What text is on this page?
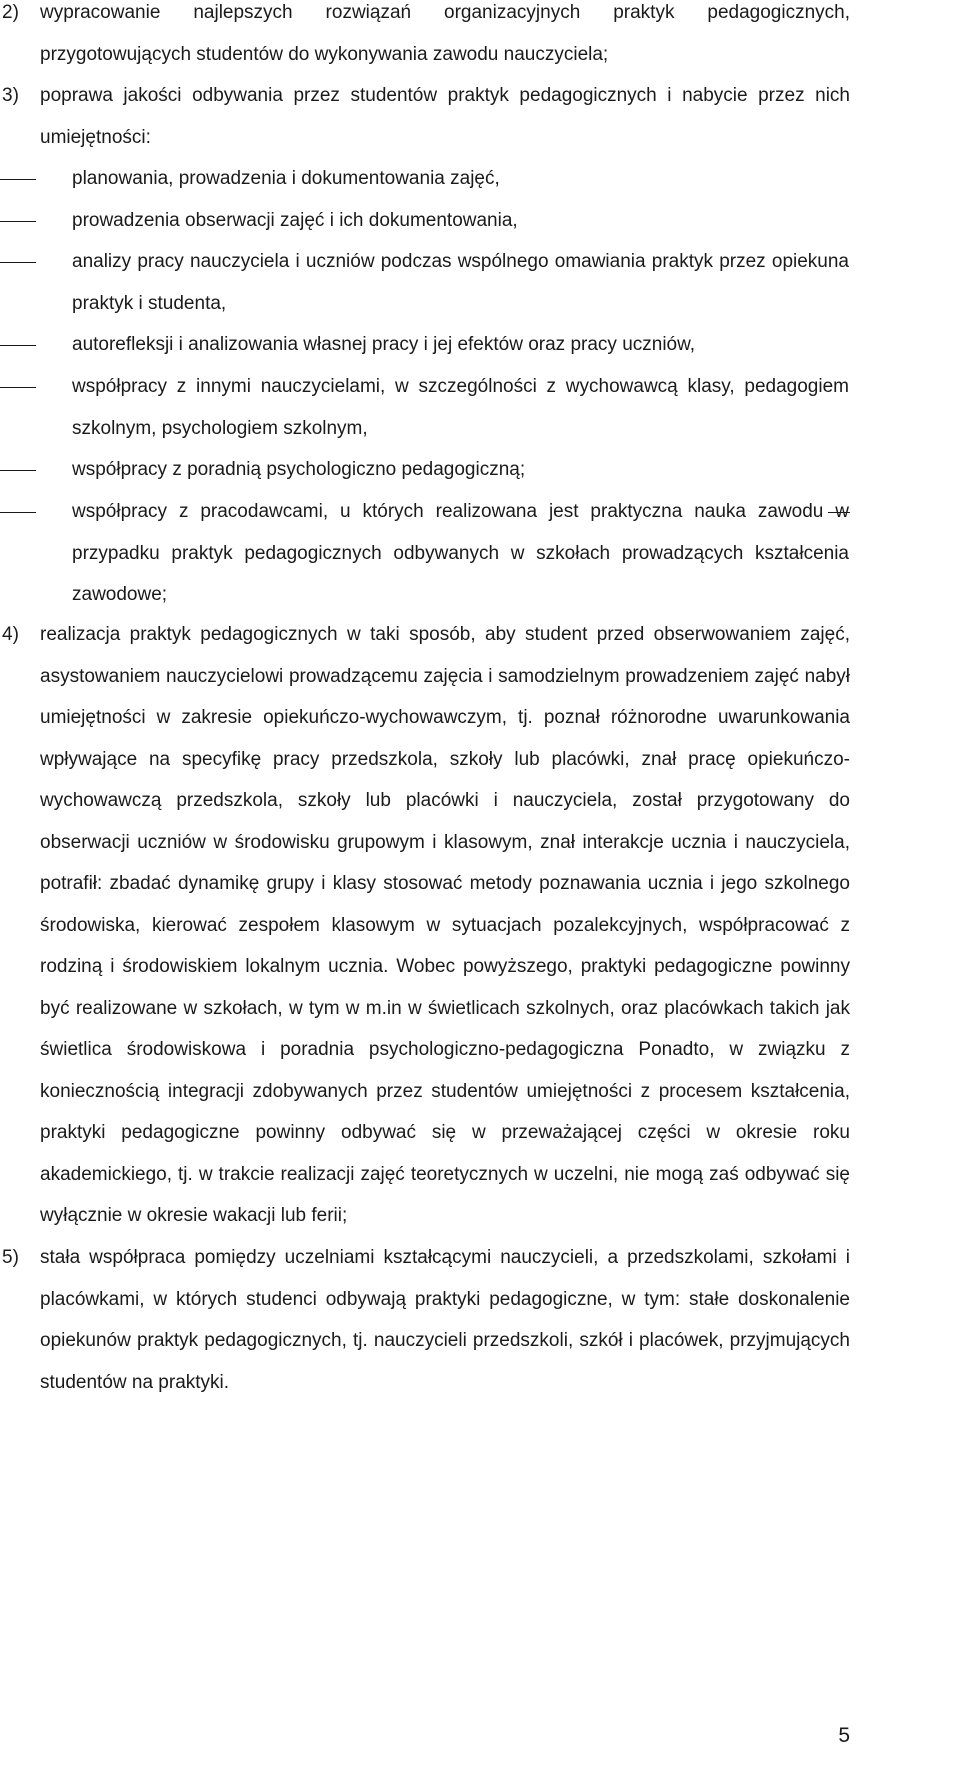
2) wypracowanie najlepszych rozwiązań organizacyjnych praktyk pedagogicznych, przygotowujących studentów do wykonywania zawodu nauczyciela;
3) poprawa jakości odbywania przez studentów praktyk pedagogicznych i nabycie przez nich umiejętności:
planowania, prowadzenia i dokumentowania zajęć,
prowadzenia obserwacji zajęć i ich dokumentowania,
analizy pracy nauczyciela i uczniów podczas wspólnego omawiania praktyk przez opiekuna praktyk i studenta,
autorefleksji i analizowania własnej pracy i jej efektów oraz pracy uczniów,
współpracy z innymi nauczycielami, w szczególności z wychowawcą klasy, pedagogiem szkolnym, psychologiem szkolnym,
współpracy z poradnią psychologiczno pedagogiczną;
współpracy z pracodawcami, u których realizowana jest praktyczna nauka zawodu w przypadku praktyk pedagogicznych odbywanych w szkołach prowadzących kształcenia zawodowe;
4) realizacja praktyk pedagogicznych w taki sposób, aby student przed obserwowaniem zajęć, asystowaniem nauczycielowi prowadzącemu zajęcia i samodzielnym prowadzeniem zajęć nabył umiejętności w zakresie opiekuńczo-wychowawczym, tj. poznał różnorodne uwarunkowania wpływające na specyfikę pracy przedszkola, szkoły lub placówki, znał pracę opiekuńczo-wychowawczą przedszkola, szkoły lub placówki i nauczyciela, został przygotowany do obserwacji uczniów w środowisku grupowym i klasowym, znał interakcje ucznia i nauczyciela, potrafił: zbadać dynamikę grupy i klasy stosować metody poznawania ucznia i jego szkolnego środowiska, kierować zespołem klasowym w sytuacjach pozalekcyjnych, współpracować z rodziną i środowiskiem lokalnym ucznia. Wobec powyższego, praktyki pedagogiczne powinny być realizowane w szkołach, w tym w m.in w świetlicach szkolnych, oraz placówkach takich jak świetlica środowiskowa i poradnia psychologiczno-pedagogiczna Ponadto, w związku z koniecznością integracji zdobywanych przez studentów umiejętności z procesem kształcenia, praktyki pedagogiczne powinny odbywać się w przeważającej części w okresie roku akademickiego, tj. w trakcie realizacji zajęć teoretycznych w uczelni, nie mogą zaś odbywać się wyłącznie w okresie wakacji lub ferii;
5) stała współpraca pomiędzy uczelniami kształcącymi nauczycieli, a przedszkolami, szkołami i placówkami, w których studenci odbywają praktyki pedagogiczne, w tym: stałe doskonalenie opiekunów praktyk pedagogicznych, tj. nauczycieli przedszkoli, szkół i placówek, przyjmujących studentów na praktyki.
5
